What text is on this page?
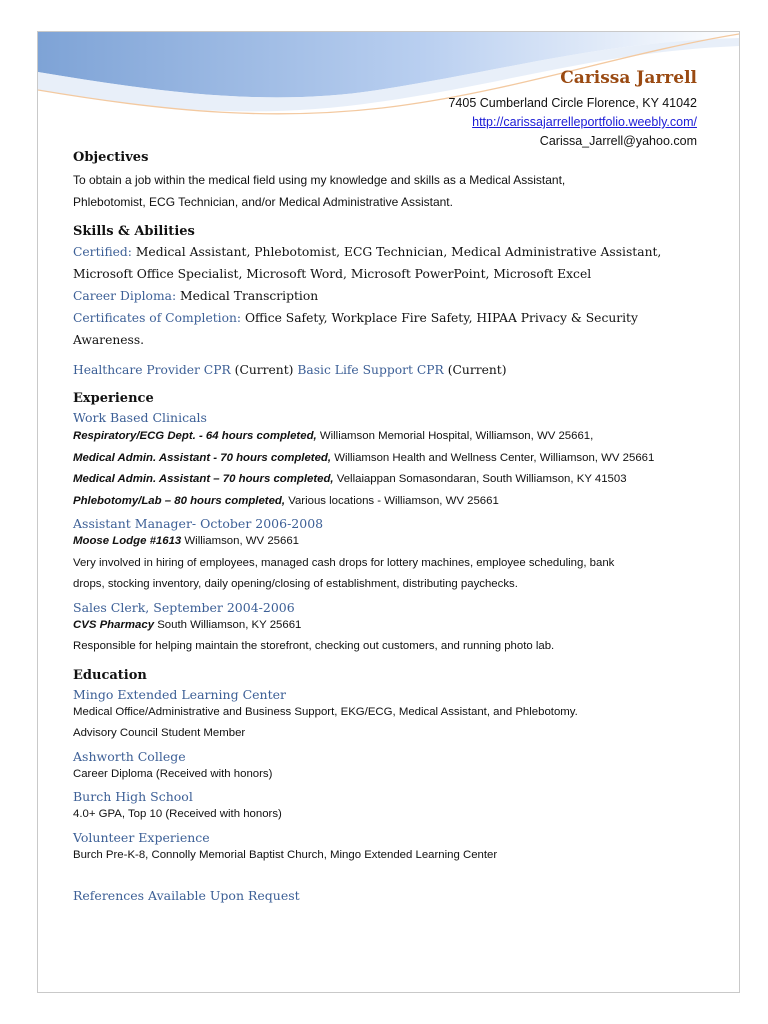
Carissa Jarrell
7405 Cumberland Circle Florence, KY 41042
http://carissajarrelleportfolio.weebly.com/
Carissa_Jarrell@yahoo.com
Objectives
To obtain a job within the medical field using my knowledge and skills as a Medical Assistant,
Phlebotomist, ECG Technician, and/or Medical Administrative Assistant.
Skills & Abilities
Certified: Medical Assistant, Phlebotomist, ECG Technician, Medical Administrative Assistant,
Microsoft Office Specialist, Microsoft Word, Microsoft PowerPoint, Microsoft Excel
Career Diploma: Medical Transcription
Certificates of Completion: Office Safety, Workplace Fire Safety, HIPAA Privacy & Security
Awareness.
Healthcare Provider CPR (Current) Basic Life Support CPR (Current)
Experience
Work Based Clinicals
Respiratory/ECG Dept. - 64 hours completed, Williamson Memorial Hospital, Williamson, WV 25661,
Medical Admin. Assistant - 70 hours completed, Williamson Health and Wellness Center, Williamson, WV 25661
Medical Admin. Assistant – 70 hours completed, Vellaiappan Somasondaran, South Williamson, KY 41503
Phlebotomy/Lab – 80 hours completed, Various locations - Williamson, WV 25661
Assistant Manager- October 2006-2008
Moose Lodge #1613 Williamson, WV 25661
Very involved in hiring of employees, managed cash drops for lottery machines, employee scheduling, bank
drops, stocking inventory, daily opening/closing of establishment, distributing paychecks.
Sales Clerk, September 2004-2006
CVS Pharmacy South Williamson, KY 25661
Responsible for helping maintain the storefront, checking out customers, and running photo lab.
Education
Mingo Extended Learning Center
Medical Office/Administrative and Business Support, EKG/ECG, Medical Assistant, and Phlebotomy.
Advisory Council Student Member
Ashworth College
Career Diploma (Received with honors)
Burch High School
4.0+ GPA, Top 10 (Received with honors)
Volunteer Experience
Burch Pre-K-8, Connolly Memorial Baptist Church, Mingo Extended Learning Center
References Available Upon Request
